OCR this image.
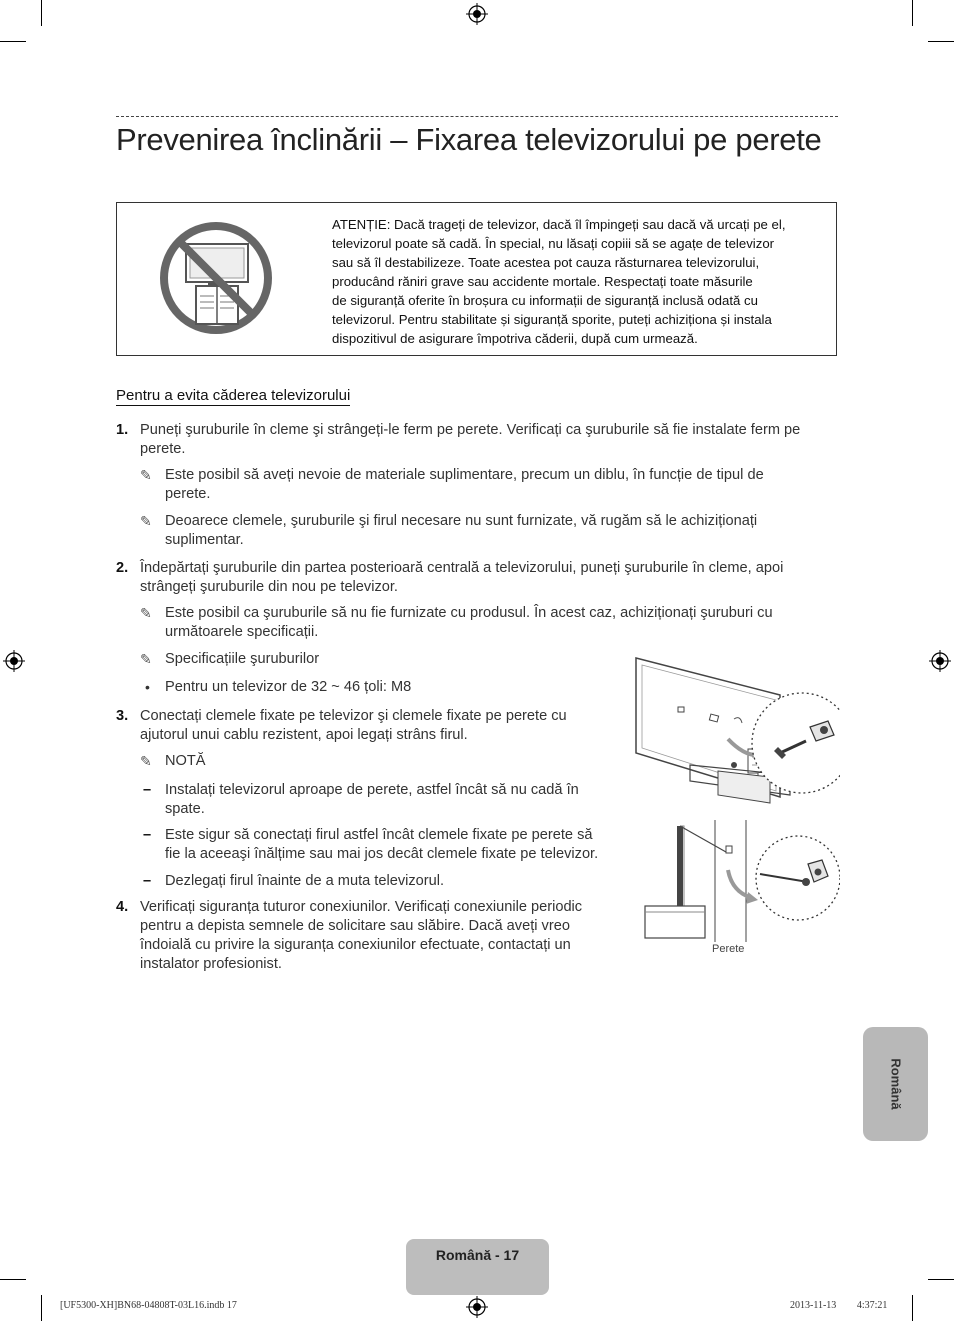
Prevenirea înclinării – Fixarea televizorului pe perete
ATENȚIE: Dacă trageți de televizor, dacă îl împingeți sau dacă vă urcați pe el,
televizorul poate să cadă. În special, nu lăsați copiii să se agațe de televizor
sau să îl destabilizeze. Toate acestea pot cauza răsturnarea televizorului,
producând răniri grave sau accidente mortale. Respectați toate măsurile
de siguranță oferite în broșura cu informații de siguranță inclusă odată cu
televizorul. Pentru stabilitate și siguranță sporite, puteți achiziționa și instala
dispozitivul de asigurare împotriva căderii, după cum urmează.
Pentru a evita căderea televizorului
1. Puneți şuruburile în cleme şi strângeți-le ferm pe perete. Verificați ca şuruburile să fie instalate ferm pe
perete.
✎ Este posibil să aveți nevoie de materiale suplimentare, precum un diblu, în funcție de tipul de
perete.
✎ Deoarece clemele, şuruburile şi firul necesare nu sunt furnizate, vă rugăm să le achiziționați
suplimentar.
2. Îndepărtați şuruburile din partea posterioară centrală a televizorului, puneți şuruburile în cleme, apoi
strângeți şuruburile din nou pe televizor.
✎ Este posibil ca şuruburile să nu fie furnizate cu produsul. În acest caz, achiziționați şuruburi cu
următoarele specificații.
✎ Specificațiile şuruburilor
• Pentru un televizor de 32 ~ 46 țoli: M8
3. Conectați clemele fixate pe televizor şi clemele fixate pe perete cu
ajutorul unui cablu rezistent, apoi legați strâns firul.
✎ NOTĂ
– Instalați televizorul aproape de perete, astfel încât să nu cadă în
spate.
– Este sigur să conectați firul astfel încât clemele fixate pe perete să
fie la aceeaşi înălțime sau mai jos decât clemele fixate pe televizor.
– Dezlegați firul înainte de a muta televizorul.
4. Verificați siguranța tuturor conexiunilor. Verificați conexiunile periodic
pentru a depista semnele de solicitare sau slăbire. Dacă aveți vreo
îndoială cu privire la siguranța conexiunilor efectuate, contactați un
instalator profesionist.
Perete
Română
Română - 17
[UF5300-XH]BN68-04808T-03L16.indb 17	2013-11-13 ￿￿ 4:37:21
